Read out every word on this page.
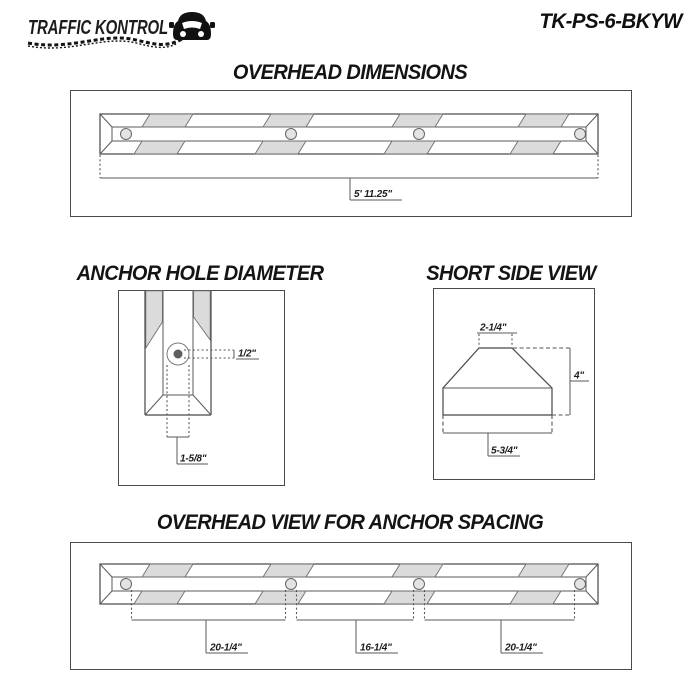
TRAFFIC KONTROL	TK-PS-6-BKYW
OVERHEAD DIMENSIONS
5' 11.25"
ANCHOR HOLE DIAMETER
1/2"
1-5/8"
SHORT SIDE VIEW
2-1/4"
4"
5-3/4"
OVERHEAD VIEW FOR ANCHOR SPACING
20-1/4"	16-1/4"	20-1/4"
